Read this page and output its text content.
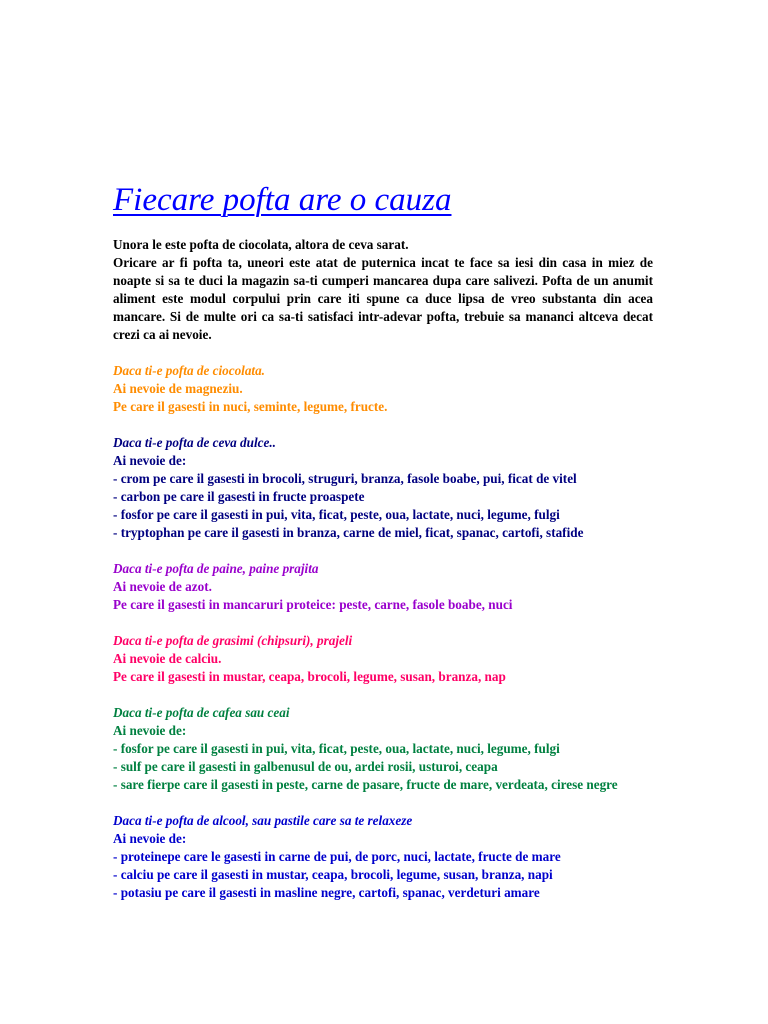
Fiecare pofta are o cauza

Unora le este pofta de ciocolata, altora de ceva sarat.
Oricare ar fi pofta ta, uneori este atat de puternica incat te face sa iesi din casa in miez de noapte si sa te duci la magazin sa-ti cumperi mancarea dupa care salivezi. Pofta de un anumit aliment este modul corpului prin care iti spune ca duce lipsa de vreo substanta din acea mancare. Si de multe ori ca sa-ti satisfaci intr-adevar pofta, trebuie sa mananci altceva decat crezi ca ai nevoie.

Daca ti-e pofta de ciocolata.
Ai nevoie de magneziu.
Pe care il gasesti in nuci, seminte, legume, fructe.
Daca ti-e pofta de ceva dulce..
Ai nevoie de:
- crom pe care il gasesti in brocoli, struguri, branza, fasole boabe, pui, ficat de vitel
- carbon pe care il gasesti in fructe proaspete
- fosfor pe care il gasesti in pui, vita, ficat, peste, oua, lactate, nuci, legume, fulgi
- tryptophan pe care il gasesti in branza, carne de miel, ficat, spanac, cartofi, stafide
Daca ti-e pofta de paine, paine prajita
Ai nevoie de azot.
Pe care il gasesti in mancaruri proteice: peste, carne, fasole boabe, nuci
Daca ti-e pofta de grasimi (chipsuri), prajeli
Ai nevoie de calciu.
Pe care il gasesti in mustar, ceapa, brocoli, legume, susan, branza, nap
Daca ti-e pofta de cafea sau ceai
Ai nevoie de:
- fosfor pe care il gasesti in pui, vita, ficat, peste, oua, lactate, nuci, legume, fulgi
- sulf pe care il gasesti in galbenusul de ou, ardei rosii, usturoi, ceapa
- sare fierpe care il gasesti in peste, carne de pasare, fructe de mare, verdeata, cirese negre
Daca ti-e pofta de alcool, sau pastile care sa te relaxeze
Ai nevoie de:
- proteinepe care le gasesti in carne de pui, de porc, nuci, lactate, fructe de mare
- calciu pe care il gasesti in mustar, ceapa, brocoli, legume, susan, branza, napi
- potasiu pe care il gasesti in masline negre, cartofi, spanac, verdeturi amare
